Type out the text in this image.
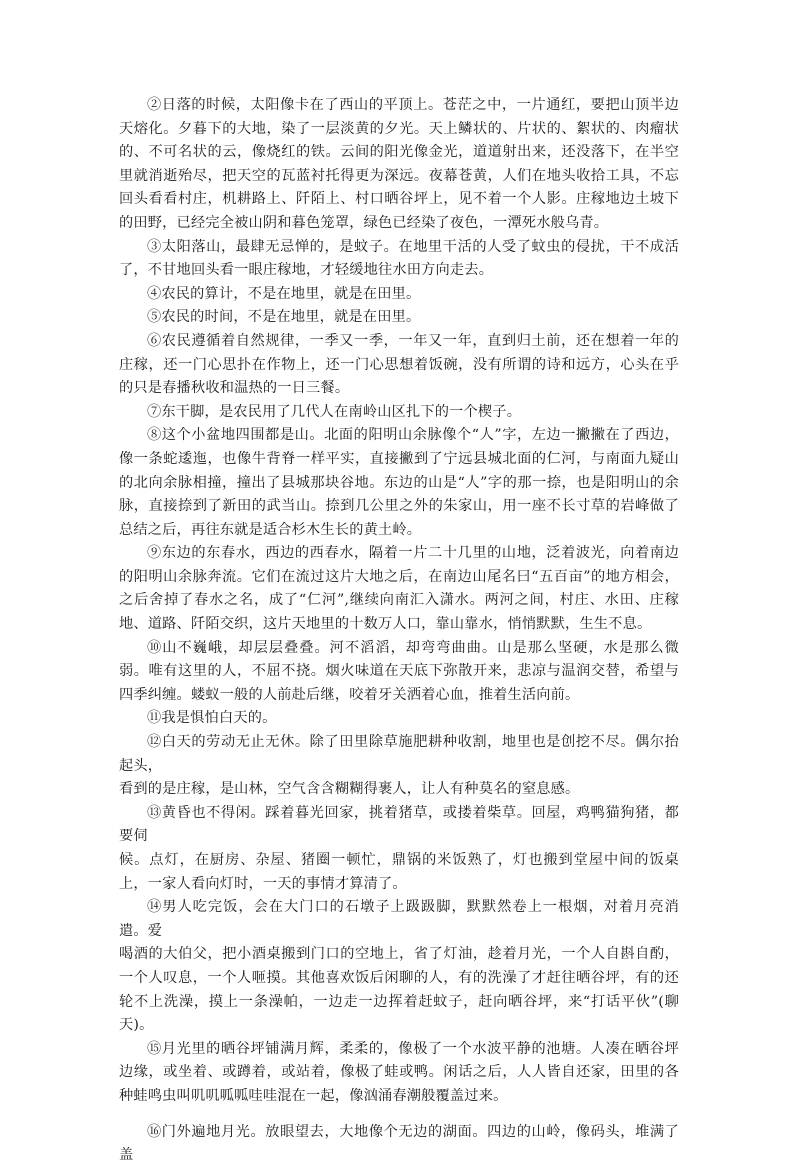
②日落的时候，太阳像卡在了西山的平顶上。苍茫之中，一片通红，要把山顶半边天熔化。夕暮下的大地，染了一层淡黄的夕光。天上鳞状的、片状的、絮状的、肉瘤状的、不可名状的云，像烧红的铁。云间的阳光像金光，道道射出来，还没落下，在半空里就消逝殆尽，把天空的瓦蓝衬托得更为深远。夜幕苍黄，人们在地头收拾工具，不忘回头看看村庄，机耕路上、阡陌上、村口晒谷坪上，见不着一个人影。庄稼地边土坡下的田野，已经完全被山阴和暮色笼罩，绿色已经染了夜色，一潭死水般乌青。

③太阳落山，最肆无忌惮的，是蚊子。在地里干活的人受了蚊虫的侵扰，干不成活了，不甘地回头看一眼庄稼地，才轻缓地往水田方向走去。

④农民的算计，不是在地里，就是在田里。

⑤农民的时间，不是在地里，就是在田里。

⑥农民遵循着自然规律，一季又一季，一年又一年，直到归土前，还在想着一年的庄稼，还一门心思扑在作物上，还一门心思想着饭碗，没有所谓的诗和远方，心头在乎的只是春播秋收和温热的一日三餐。

⑦东干脚，是农民用了几代人在南岭山区扎下的一个楔子。

⑧这个小盆地四围都是山。北面的阳明山余脉像个“人”字，左边一撇撇在了西边，像一条蛇逶迤，也像牛背脊一样平实，直接撇到了宁远县城北面的仁河，与南面九疑山的北向余脉相撞，撞出了县城那块谷地。东边的山是“人”字的那一捺，也是阳明山的余脉，直接捺到了新田的武当山。捺到几公里之外的朱家山，用一座不长寸草的岩峰做了总结之后，再往东就是适合杉木生长的黄土岭。

⑨东边的东春水，西边的西春水，隔着一片二十几里的山地，泛着波光，向着南边的阳明山余脉奔流。它们在流过这片大地之后，在南边山尾名曰“五百亩”的地方相会，之后舍掉了春水之名，成了“仁河”,继续向南汇入潇水。两河之间，村庄、水田、庄稼地、道路、阡陌交织，这片天地里的十数万人口，靠山靠水，悄悄默默，生生不息。

⑩山不巍峨，却层层叠叠。河不滔滔，却弯弯曲曲。山是那么坚硬，水是那么微弱。唯有这里的人，不屈不挠。烟火味道在天底下弥散开来，悲凉与温润交替，希望与四季纠缠。蝼蚁一般的人前赴后继，咬着牙关洒着心血，推着生活向前。

⑪我是惧怕白天的。

⑫白天的劳动无止无休。除了田里除草施肥耕种收割，地里也是创挖不尽。偶尔抬起头，

看到的是庄稼，是山林，空气含含糊糊得裹人，让人有种莫名的窒息感。

⑬黄昏也不得闲。踩着暮光回家，挑着猪草，或搂着柴草。回屋，鸡鸭猫狗猪，都要伺

候。点灯，在厨房、杂屋、猪圈一顿忙，鼎锅的米饭熟了，灯也搬到堂屋中间的饭桌上，一家人看向灯时，一天的事情才算清了。

⑭男人吃完饭，会在大门口的石墩子上趿趿脚，默默然卷上一根烟，对着月亮消遣。爱

喝酒的大伯父，把小酒桌搬到门口的空地上，省了灯油，趁着月光，一个人自斟自酌，一个人叹息，一个人咂摸。其他喜欢饭后闲聊的人，有的洗澡了才赶往晒谷坪，有的还轮不上洗澡，摸上一条澡帕，一边走一边挥着赶蚊子，赶向晒谷坪，来“打话平伙”(聊天)。

⑮月光里的晒谷坪铺满月辉，柔柔的，像极了一个水波平静的池塘。人凑在晒谷坪边缘，或坐着、或蹲着，或站着，像极了蛙或鸭。闲话之后，人人皆自还家，田里的各种蛙鸣虫叫叽叽呱呱哇哇混在一起，像汹涌春潮般覆盖过来。

⑯门外遍地月光。放眼望去，大地像个无边的湖面。四边的山岭，像码头，堆满了盖
